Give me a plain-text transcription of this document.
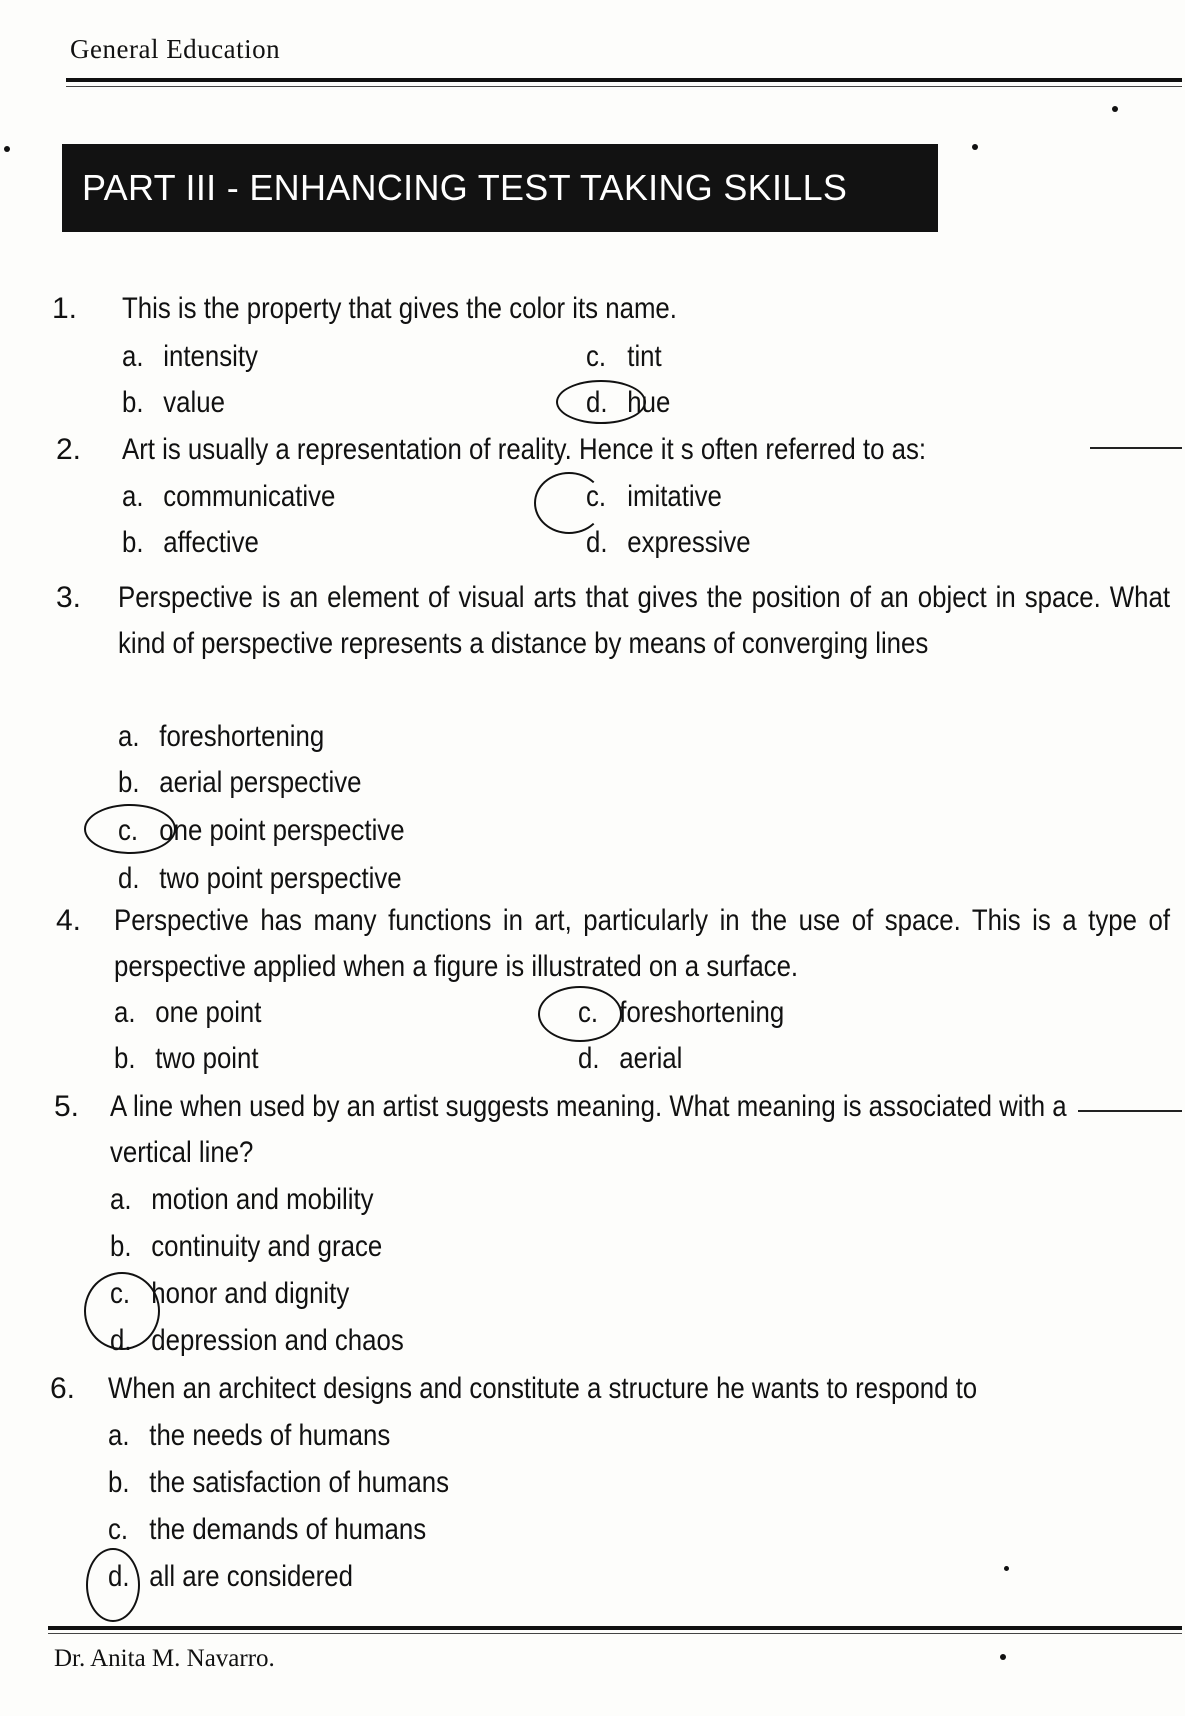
General Education
PART III - ENHANCING TEST TAKING SKILLS
1. This is the property that gives the color its name.
a. intensity
b. value
c. tint
d. hue
2. Art is usually a representation of reality. Hence it s often referred to as:
a. communicative
b. affective
c. imitative
d. expressive
3. Perspective is an element of visual arts that gives the position of an object in space. What kind of perspective represents a distance by means of converging lines
a. foreshortening
b. aerial perspective
c. one point perspective
d. two point perspective
4. Perspective has many functions in art, particularly in the use of space. This is a type of perspective applied when a figure is illustrated on a surface.
a. one point
b. two point
c. foreshortening
d. aerial
5. A line when used by an artist suggests meaning. What meaning is associated with a vertical line?
a. motion and mobility
b. continuity and grace
c. honor and dignity
d. depression and chaos
6. When an architect designs and constitute a structure he wants to respond to
a. the needs of humans
b. the satisfaction of humans
c. the demands of humans
d. all are considered
Dr. Anita M. Navarro.
